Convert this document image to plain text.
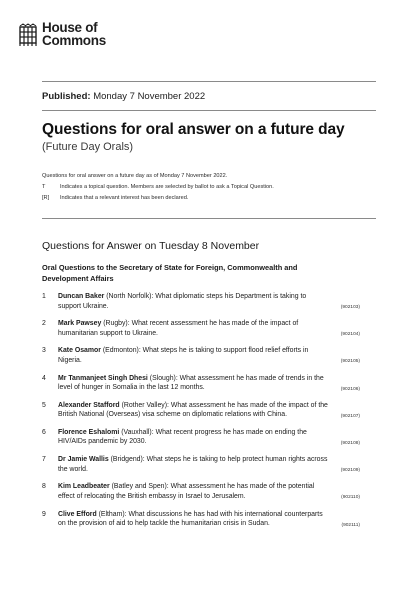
House of
Commons
Published: Monday 7 November 2022
Questions for oral answer on a future day
(Future Day Orals)
Questions for oral answer on a future day as of Monday 7 November 2022.
T	Indicates a topical question. Members are selected by ballot to ask a Topical Question.
[R]	Indicates that a relevant interest has been declared.
Questions for Answer on Tuesday 8 November
Oral Questions to the Secretary of State for Foreign, Commonwealth and Development Affairs
1	Duncan Baker (North Norfolk): What diplomatic steps his Department is taking to support Ukraine.	(902103)
2	Mark Pawsey (Rugby): What recent assessment he has made of the impact of humanitarian support to Ukraine.	(902104)
3	Kate Osamor (Edmonton): What steps he is taking to support flood relief efforts in Nigeria.	(902105)
4	Mr Tanmanjeet Singh Dhesi (Slough): What assessment he has made of trends in the level of hunger in Somalia in the last 12 months.	(902106)
5	Alexander Stafford (Rother Valley): What assessment he has made of the impact of the British National (Overseas) visa scheme on diplomatic relations with China.	(902107)
6	Florence Eshalomi (Vauxhall): What recent progress he has made on ending the HIV/AIDs pandemic by 2030.	(902108)
7	Dr Jamie Wallis (Bridgend): What steps he is taking to help protect human rights across the world.	(902109)
8	Kim Leadbeater (Batley and Spen): What assessment he has made of the potential effect of relocating the British embassy in Israel to Jerusalem.	(902110)
9	Clive Efford (Eltham): What discussions he has had with his international counterparts on the provision of aid to help tackle the humanitarian crisis in Sudan.	(902111)
